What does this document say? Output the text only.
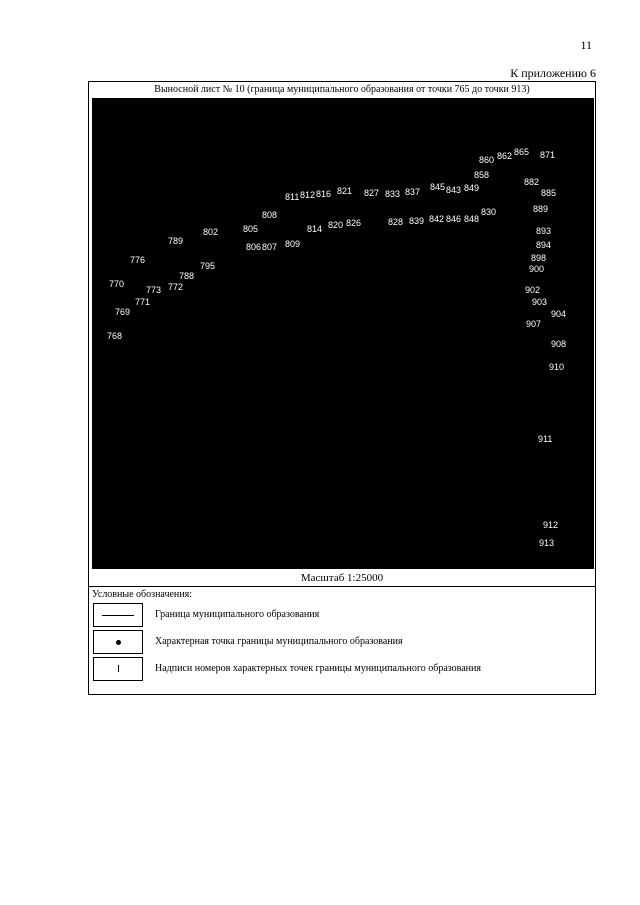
11
К приложению 6
Выносной лист № 10 (граница муниципального образования от точки 765 до точки 913)
770
776
789
802
808
805
806 807 809
811 812 816 821 827 833 837
814 820 826	828 839 842 846 848
845 843 849
830
858
860 862 865 871
882
885
889
893
894
898
900
902
903
904
907
908
910
911
912
913
773 772
771
769
768
788
795
Масштаб 1:25000
Условные обозначения:
Граница муниципального образования
Характерная точка границы муниципального образования
Надписи номеров характерных точек границы муниципального образования
